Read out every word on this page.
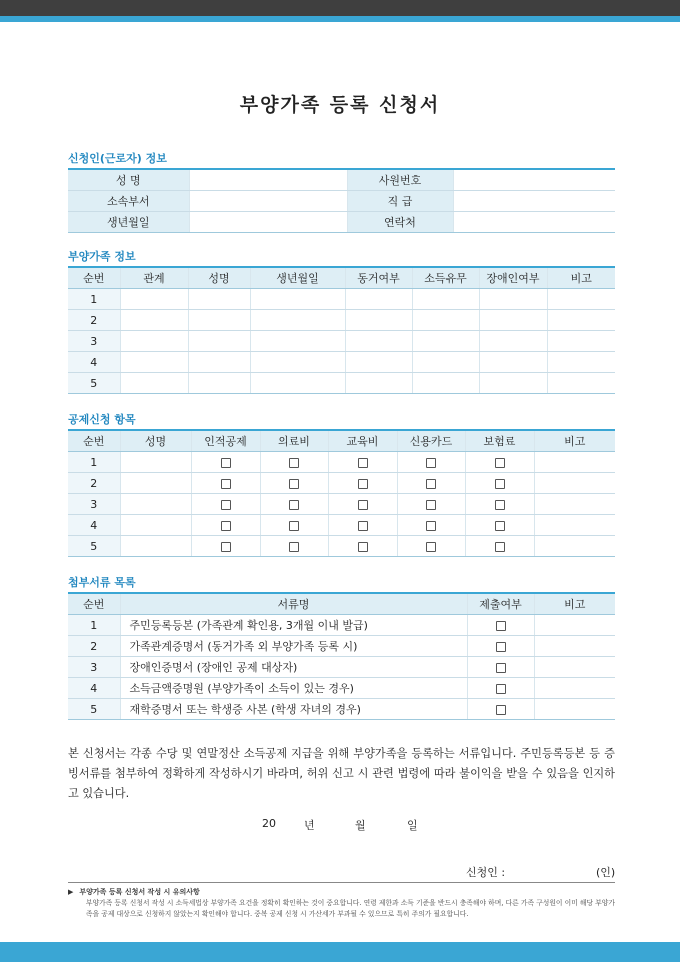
부양가족 등록 신청서
신청인(근로자) 정보
성 명		사원번호	
소속부서		직 급	
생년월일		연락처	
부양가족 정보
순번	관계	성명	생년월일	동거여부	소득유무	장애인여부	비고
1							
2							
3							
4							
5							
공제신청 항목
순번	성명	인적공제	의료비	교육비	신용카드	보험료	비고
1							
2							
3							
4							
5							
첨부서류 목록
순번	서류명	제출여부	비고
1	주민등록등본 (가족관계 확인용, 3개월 이내 발급)		
2	가족관계증명서 (동거가족 외 부양가족 등록 시)		
3	장애인증명서 (장애인 공제 대상자)		
4	소득금액증명원 (부양가족이 소득이 있는 경우)		
5	재학증명서 또는 학생증 사본 (학생 자녀의 경우)		
본 신청서는 각종 수당 및 연말정산 소득공제 지급을 위해 부양가족을 등록하는 서류입니다. 주민등록등본 등 증빙서류를 첨부하여 정확하게 작성하시기 바라며, 허위 신고 시 관련 법령에 따라 불이익을 받을 수 있음을 인지하고 있습니다.
20	년	월	일
신청인 :	(인)
▶ 부양가족 등록 신청서 작성 시 유의사항
부양가족 등록 신청서 작성 시 소득세법상 부양가족 요건을 정확히 확인하는 것이 중요합니다. 연령 제한과 소득 기준을 반드시 충족해야 하며, 다른 가족 구성원이 이미 해당 부양가족을 공제 대상으로 신청하지 않았는지 확인해야 합니다. 중복 공제 신청 시 가산세가 부과될 수 있으므로 특히 주의가 필요합니다.
